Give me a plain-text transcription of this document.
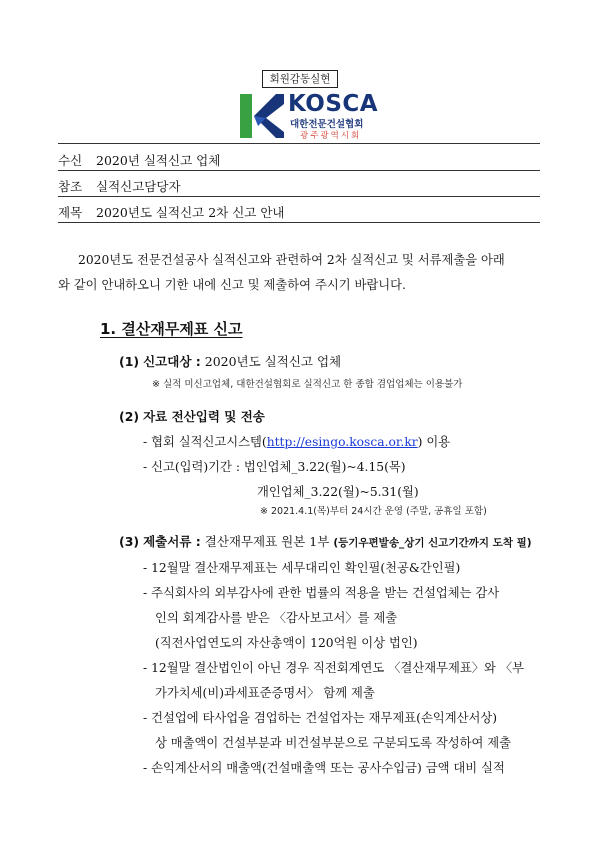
회원감동실현
KOSCA
대한전문건설협회
광주광역시회
수신 2020년 실적신고 업체
참조 실적신고담당자
제목 2020년도 실적신고 2차 신고 안내
2020년도 전문건설공사 실적신고와 관련하여 2차 실적신고 및 서류제출을 아래
와 같이 안내하오니 기한 내에 신고 및 제출하여 주시기 바랍니다.
1. 결산재무제표 신고
(1) 신고대상 : 2020년도 실적신고 업체
※ 실적 미신고업체, 대한건설협회로 실적신고 한 종합 겸업업체는 이용불가
(2) 자료 전산입력 및 전송
- 협회 실적신고시스템(http://esingo.kosca.or.kr) 이용
- 신고(입력)기간 : 법인업체_3.22(월)~4.15(목)
개인업체_3.22(월)~5.31(월)
※ 2021.4.1(목)부터 24시간 운영 (주말, 공휴일 포함)
(3) 제출서류 : 결산재무제표 원본 1부 (등기우편발송_상기 신고기간까지 도착 필)
- 12월말 결산재무제표는 세무대리인 확인필(천공&간인필)
- 주식회사의 외부감사에 관한 법률의 적용을 받는 건설업체는 감사
인의 회계감사를 받은 〈감사보고서〉를 제출
(직전사업연도의 자산총액이 120억원 이상 법인)
- 12월말 결산법인이 아닌 경우 직전회계연도 〈결산재무제표〉와 〈부
가가치세(비)과세표준증명서〉 함께 제출
- 건설업에 타사업을 겸업하는 건설업자는 재무제표(손익계산서상)
상 매출액이 건설부분과 비건설부분으로 구분되도록 작성하여 제출
- 손익계산서의 매출액(건설매출액 또는 공사수입금) 금액 대비 실적
